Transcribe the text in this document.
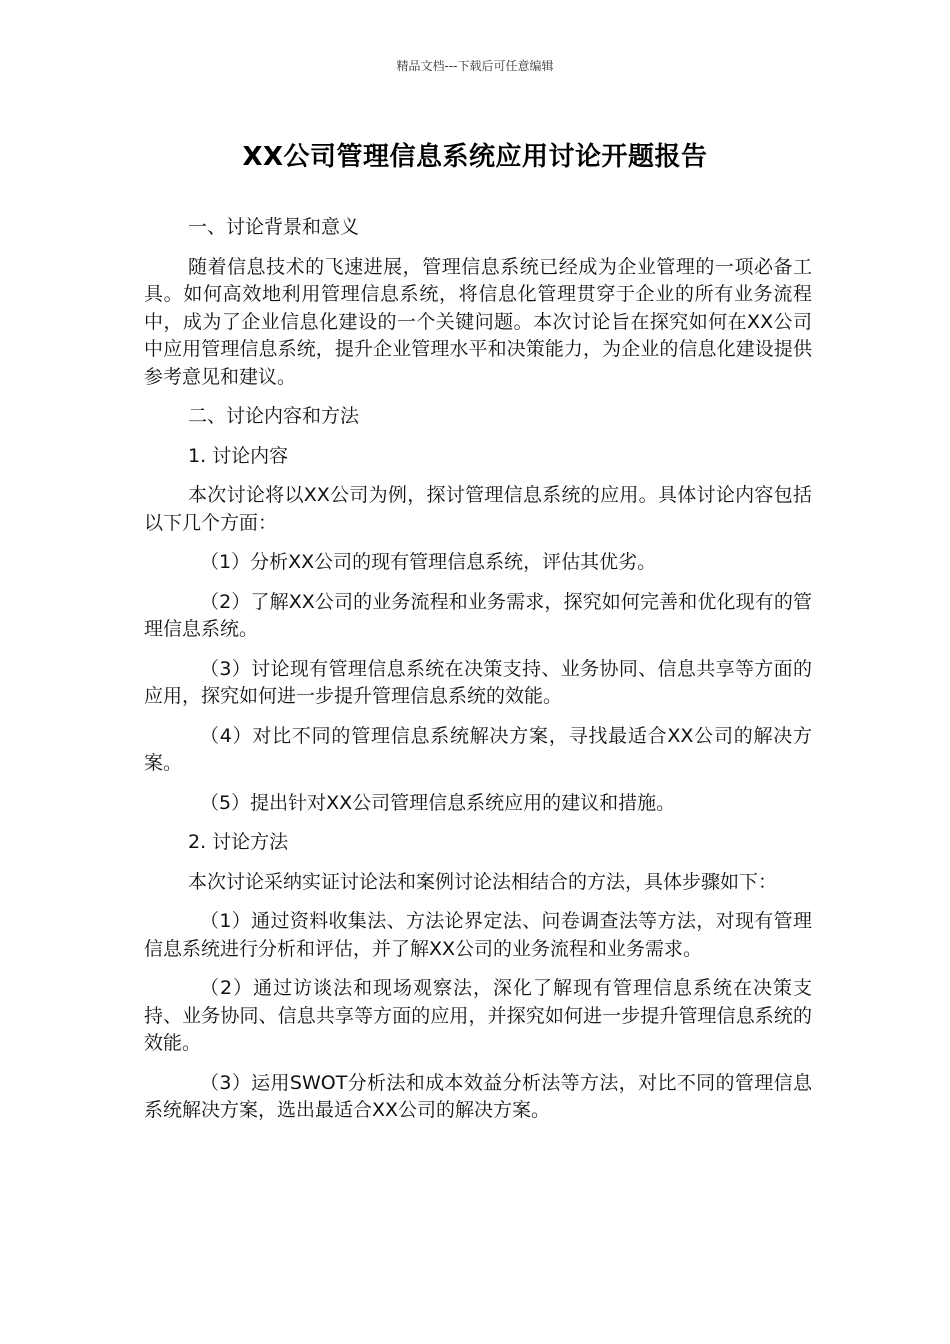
精品文档---下载后可任意编辑
XX公司管理信息系统应用讨论开题报告

一、讨论背景和意义

随着信息技术的飞速进展，管理信息系统已经成为企业管理的一项必备工具。如何高效地利用管理信息系统，将信息化管理贯穿于企业的所有业务流程中，成为了企业信息化建设的一个关键问题。本次讨论旨在探究如何在XX公司中应用管理信息系统，提升企业管理水平和决策能力，为企业的信息化建设提供参考意见和建议。

二、讨论内容和方法

1. 讨论内容

本次讨论将以XX公司为例，探讨管理信息系统的应用。具体讨论内容包括以下几个方面：

（1）分析XX公司的现有管理信息系统，评估其优劣。

（2）了解XX公司的业务流程和业务需求，探究如何完善和优化现有的管理信息系统。

（3）讨论现有管理信息系统在决策支持、业务协同、信息共享等方面的应用，探究如何进一步提升管理信息系统的效能。

（4）对比不同的管理信息系统解决方案，寻找最适合XX公司的解决方案。

（5）提出针对XX公司管理信息系统应用的建议和措施。

2. 讨论方法

本次讨论采纳实证讨论法和案例讨论法相结合的方法，具体步骤如下：

（1）通过资料收集法、方法论界定法、问卷调查法等方法，对现有管理信息系统进行分析和评估，并了解XX公司的业务流程和业务需求。

（2）通过访谈法和现场观察法，深化了解现有管理信息系统在决策支持、业务协同、信息共享等方面的应用，并探究如何进一步提升管理信息系统的效能。

（3）运用SWOT分析法和成本效益分析法等方法，对比不同的管理信息系统解决方案，选出最适合XX公司的解决方案。
